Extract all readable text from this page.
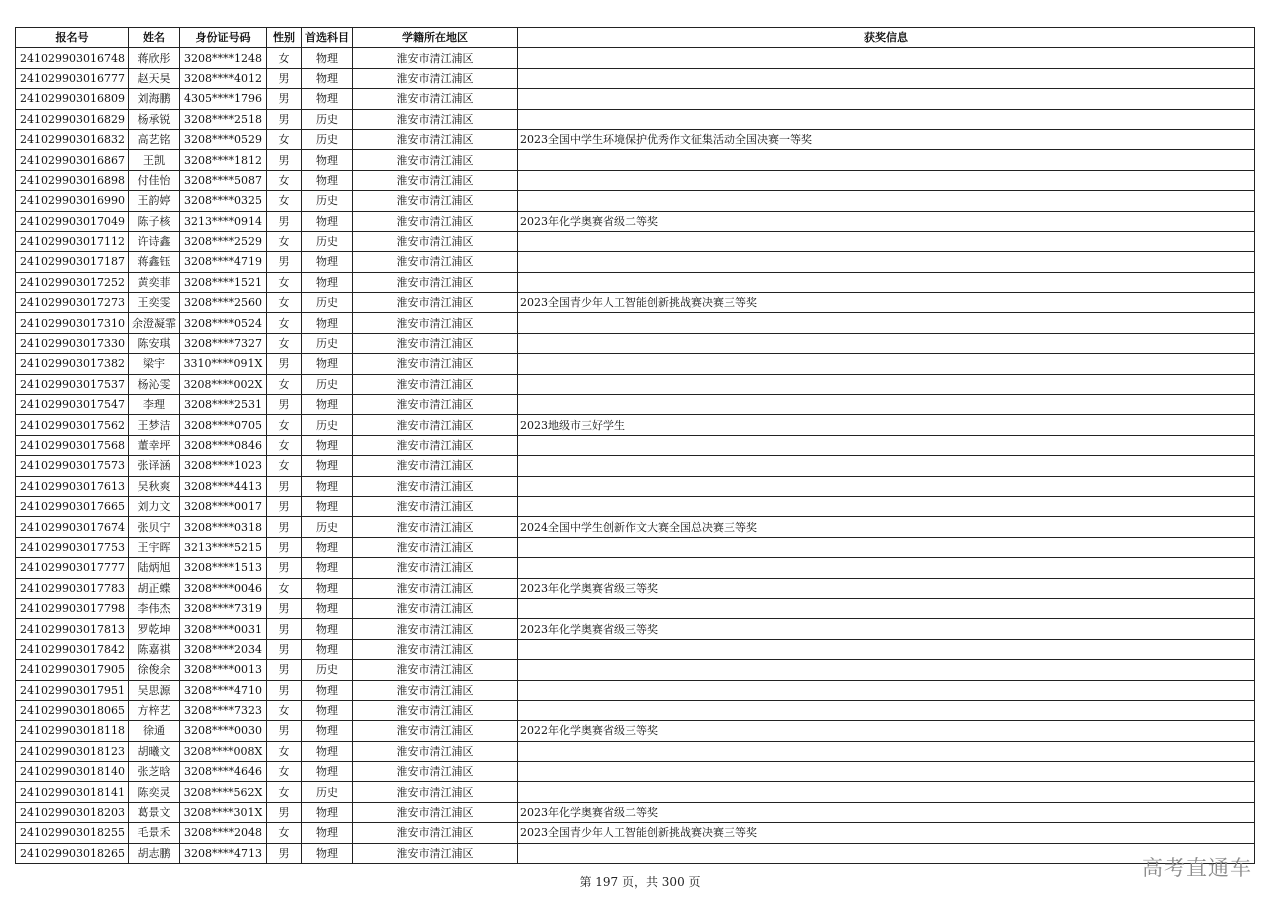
报名号	姓名	身份证号码	性别	首选科目	学籍所在地区	获奖信息
241029903016748	蒋欣彤	3208****1248	女	物理	淮安市清江浦区	
241029903016777	赵天昊	3208****4012	男	物理	淮安市清江浦区	
241029903016809	刘海鹏	4305****1796	男	物理	淮安市清江浦区	
241029903016829	杨承锐	3208****2518	男	历史	淮安市清江浦区	
241029903016832	高艺铭	3208****0529	女	历史	淮安市清江浦区	2023全国中学生环境保护优秀作文征集活动全国决赛一等奖
241029903016867	王凯	3208****1812	男	物理	淮安市清江浦区	
241029903016898	付佳怡	3208****5087	女	物理	淮安市清江浦区	
241029903016990	王韵婷	3208****0325	女	历史	淮安市清江浦区	
241029903017049	陈子核	3213****0914	男	物理	淮安市清江浦区	2023年化学奥赛省级二等奖
241029903017112	许诗鑫	3208****2529	女	历史	淮安市清江浦区	
241029903017187	蒋鑫钰	3208****4719	男	物理	淮安市清江浦区	
241029903017252	黄奕菲	3208****1521	女	物理	淮安市清江浦区	
241029903017273	王奕雯	3208****2560	女	历史	淮安市清江浦区	2023全国青少年人工智能创新挑战赛决赛三等奖
241029903017310	余澄凝霏	3208****0524	女	物理	淮安市清江浦区	
241029903017330	陈安琪	3208****7327	女	历史	淮安市清江浦区	
241029903017382	梁宇	3310****091X	男	物理	淮安市清江浦区	
241029903017537	杨沁雯	3208****002X	女	历史	淮安市清江浦区	
241029903017547	李理	3208****2531	男	物理	淮安市清江浦区	
241029903017562	王梦洁	3208****0705	女	历史	淮安市清江浦区	2023地级市三好学生
241029903017568	董幸坪	3208****0846	女	物理	淮安市清江浦区	
241029903017573	张译涵	3208****1023	女	物理	淮安市清江浦区	
241029903017613	吴秋爽	3208****4413	男	物理	淮安市清江浦区	
241029903017665	刘力文	3208****0017	男	物理	淮安市清江浦区	
241029903017674	张贝宁	3208****0318	男	历史	淮安市清江浦区	2024全国中学生创新作文大赛全国总决赛三等奖
241029903017753	王宇晖	3213****5215	男	物理	淮安市清江浦区	
241029903017777	陆炳旭	3208****1513	男	物理	淮安市清江浦区	
241029903017783	胡正蝶	3208****0046	女	物理	淮安市清江浦区	2023年化学奥赛省级三等奖
241029903017798	李伟杰	3208****7319	男	物理	淮安市清江浦区	
241029903017813	罗乾坤	3208****0031	男	物理	淮安市清江浦区	2023年化学奥赛省级三等奖
241029903017842	陈嘉祺	3208****2034	男	物理	淮安市清江浦区	
241029903017905	徐俊余	3208****0013	男	历史	淮安市清江浦区	
241029903017951	吴思源	3208****4710	男	物理	淮安市清江浦区	
241029903018065	方梓艺	3208****7323	女	物理	淮安市清江浦区	
241029903018118	徐通	3208****0030	男	物理	淮安市清江浦区	2022年化学奥赛省级三等奖
241029903018123	胡曦文	3208****008X	女	物理	淮安市清江浦区	
241029903018140	张芝晗	3208****4646	女	物理	淮安市清江浦区	
241029903018141	陈奕灵	3208****562X	女	历史	淮安市清江浦区	
241029903018203	葛景文	3208****301X	男	物理	淮安市清江浦区	2023年化学奥赛省级二等奖
241029903018255	毛景禾	3208****2048	女	物理	淮安市清江浦区	2023全国青少年人工智能创新挑战赛决赛三等奖
241029903018265	胡志鹏	3208****4713	男	物理	淮安市清江浦区	
第 197 页，共 300 页
高考直通车
